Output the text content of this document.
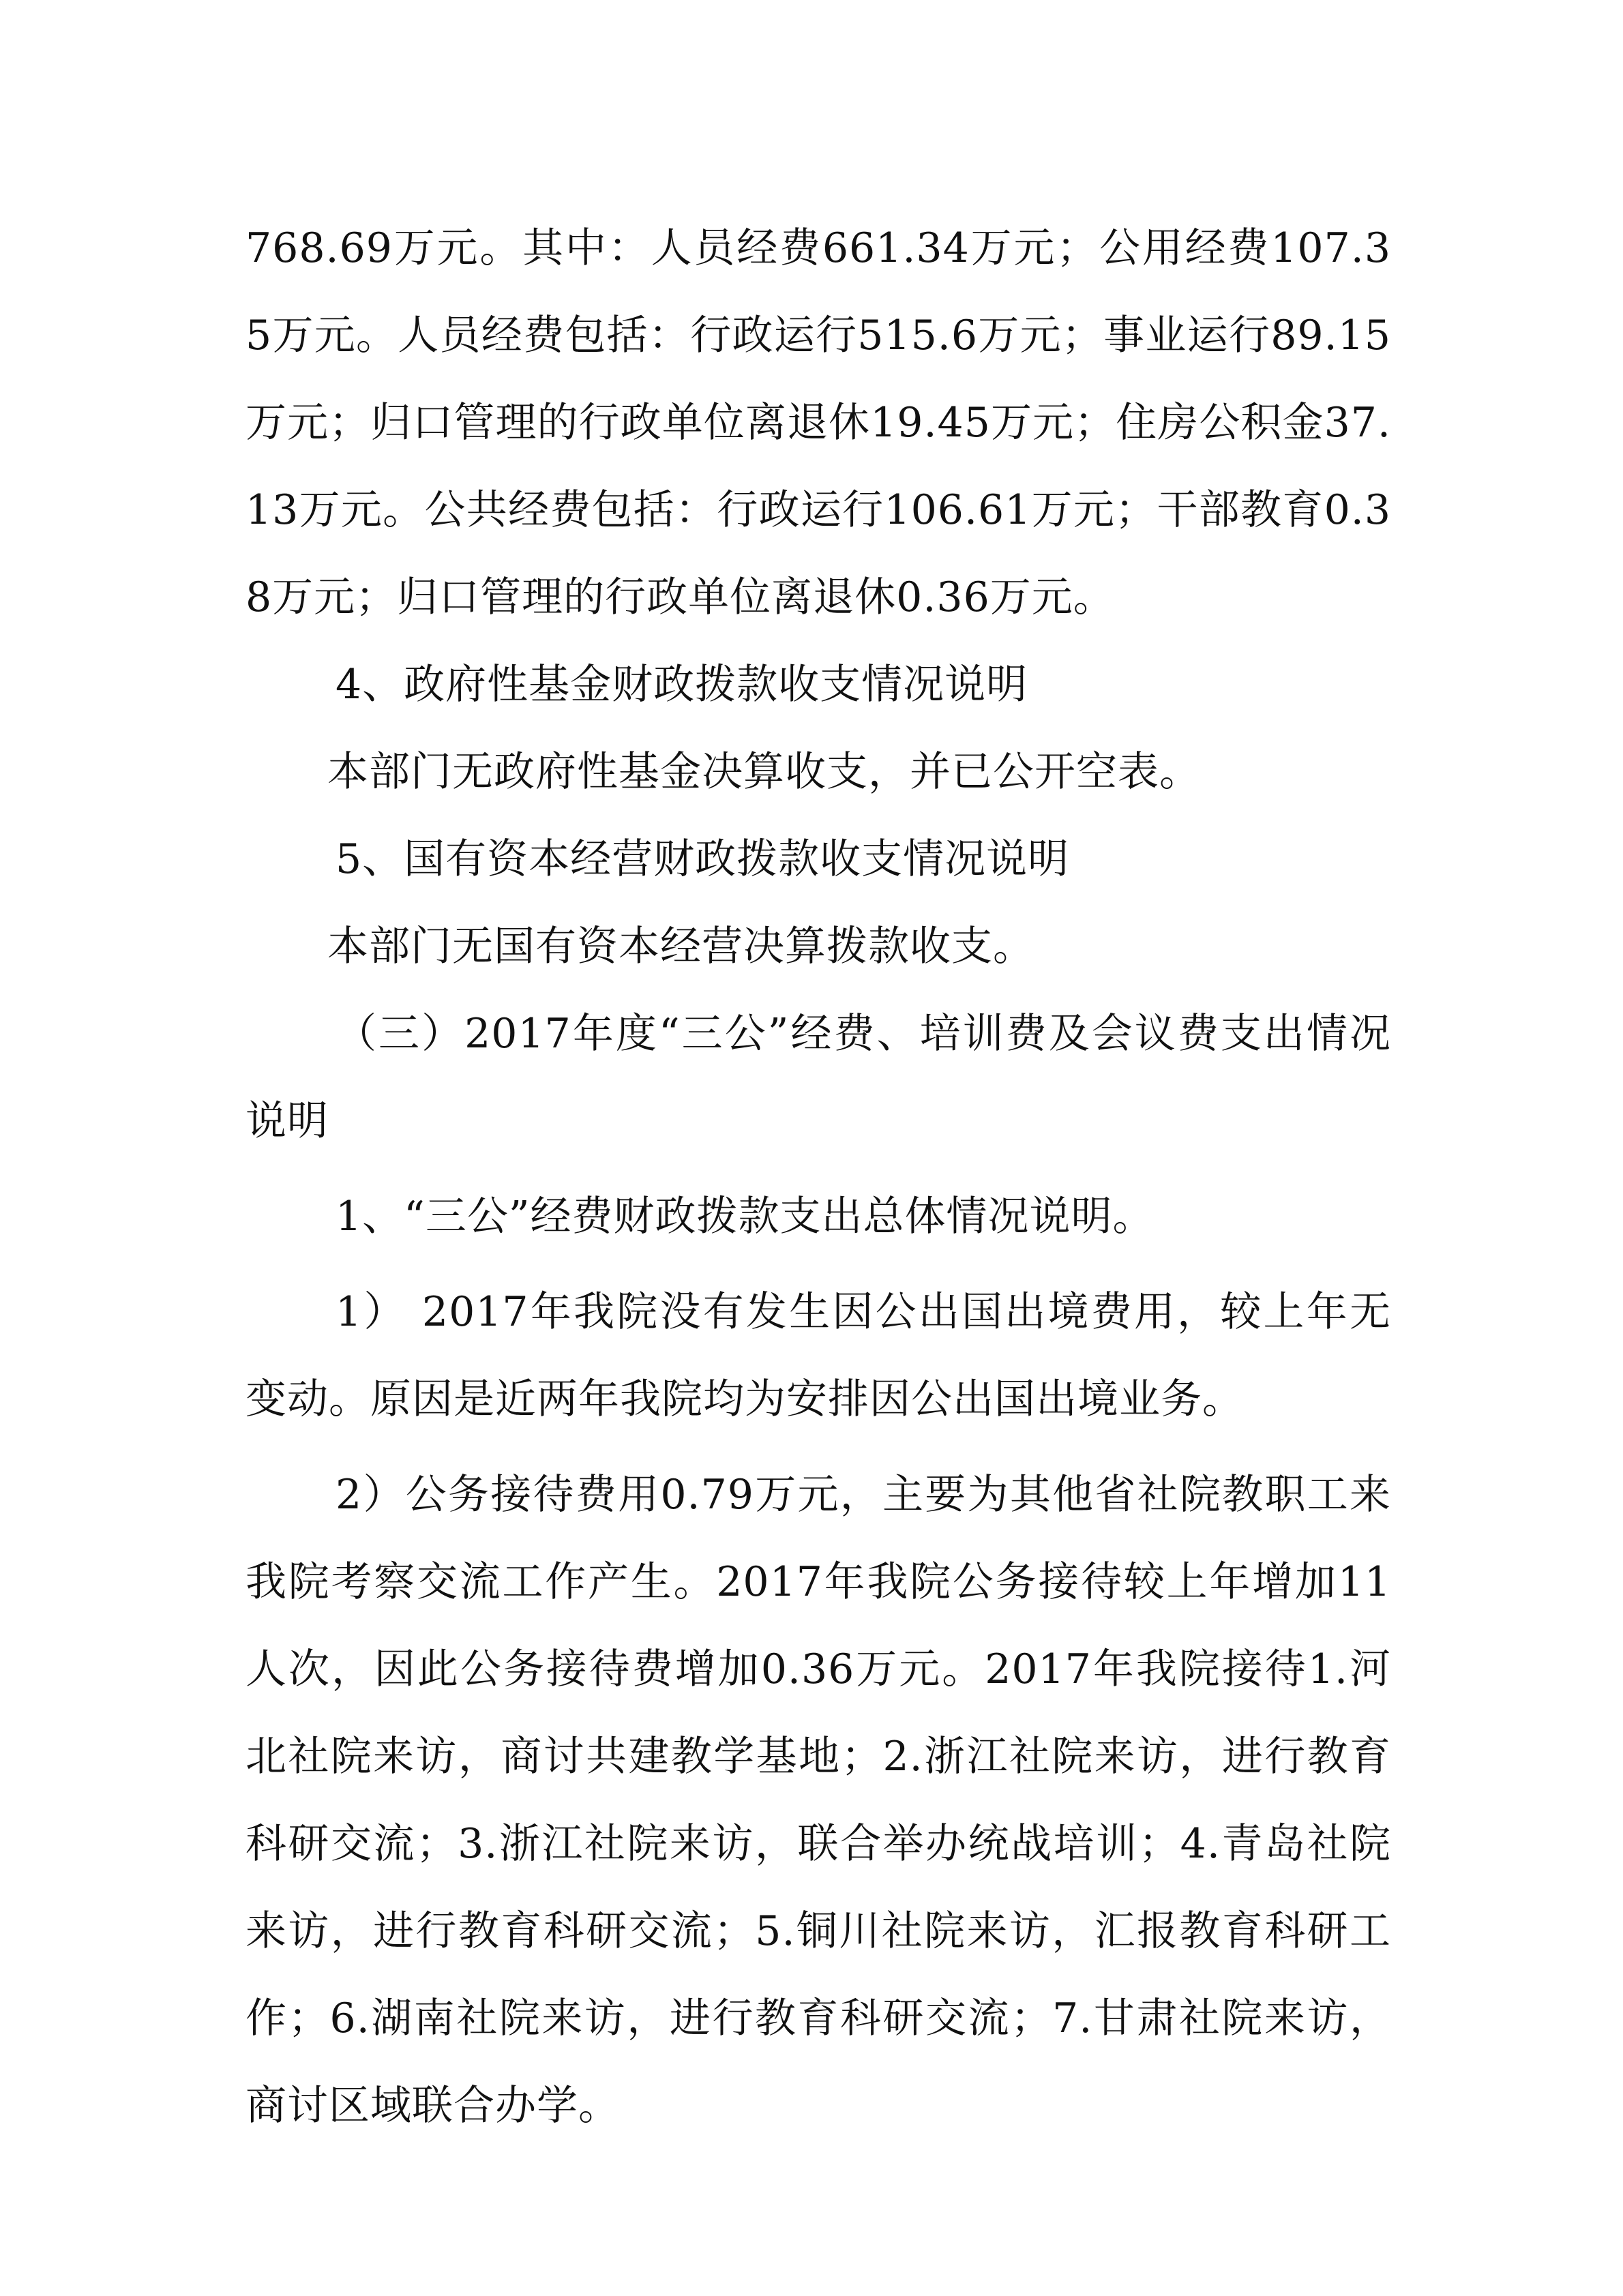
768.69万元。其中：人员经费661.34万元；公用经费107.35万元。人员经费包括：行政运行515.6万元；事业运行89.15万元；归口管理的行政单位离退休19.45万元；住房公积金37.13万元。公共经费包括：行政运行106.61万元；干部教育0.38万元；归口管理的行政单位离退休0.36万元。

4、政府性基金财政拨款收支情况说明

本部门无政府性基金决算收支，并已公开空表。

5、国有资本经营财政拨款收支情况说明

本部门无国有资本经营决算拨款收支。

（三）2017年度“三公”经费、培训费及会议费支出情况说明

1、“三公”经费财政拨款支出总体情况说明。

1） 2017年我院没有发生因公出国出境费用，较上年无变动。原因是近两年我院均为安排因公出国出境业务。

2）公务接待费用0.79万元，主要为其他省社院教职工来我院考察交流工作产生。2017年我院公务接待较上年增加11人次，因此公务接待费增加0.36万元。2017年我院接待1.河北社院来访，商讨共建教学基地；2.浙江社院来访，进行教育科研交流；3.浙江社院来访，联合举办统战培训；4.青岛社院来访，进行教育科研交流；5.铜川社院来访，汇报教育科研工作；6.湖南社院来访，进行教育科研交流；7.甘肃社院来访，商讨区域联合办学。
